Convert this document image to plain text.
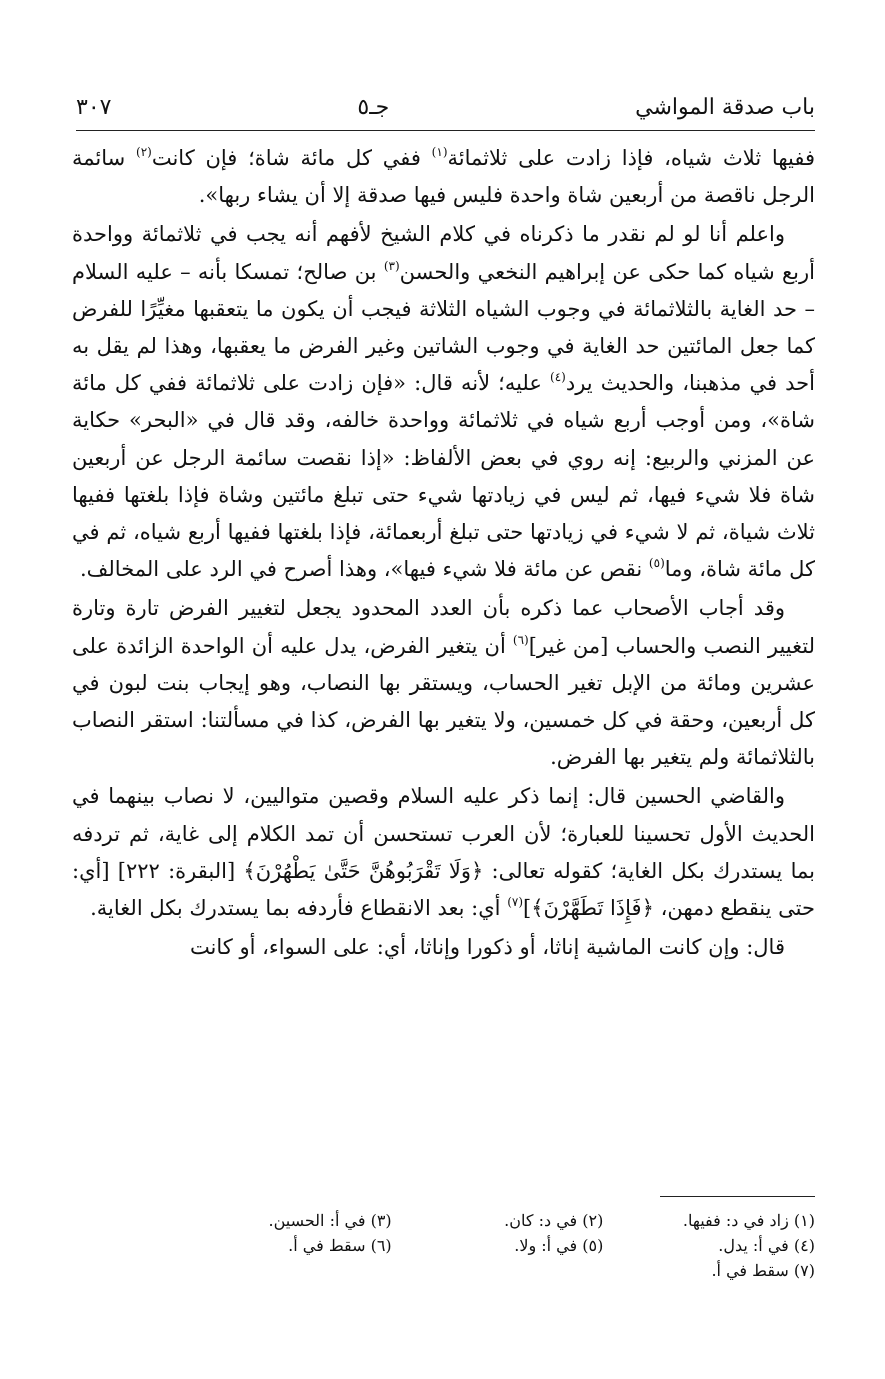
باب صدقة المواشي
جـ٥
٣٠٧

ففيها ثلاث شياه، فإذا زادت على ثلاثمائة$^{(١)}$ ففي كل مائة شاة؛ فإن كانت$^{(٢)}$ سائمة الرجل ناقصة من أربعين شاة واحدة فليس فيها صدقة إلا أن يشاء ربها».

واعلم أنا لو لم نقدر ما ذكرناه في كلام الشيخ لأفهم أنه يجب في ثلاثمائة وواحدة أربع شياه كما حكى عن إبراهيم النخعي والحسن$^{(٣)}$ بن صالح؛ تمسكا بأنه – عليه السلام – حد الغاية بالثلاثمائة في وجوب الشياه الثلاثة فيجب أن يكون ما يتعقبها مغيِّرًا للفرض كما جعل المائتين حد الغاية في وجوب الشاتين وغير الفرض ما يعقبها، وهذا لم يقل به أحد في مذهبنا، والحديث يرد$^{(٤)}$ عليه؛ لأنه قال: «فإن زادت على ثلاثمائة ففي كل مائة شاة»، ومن أوجب أربع شياه في ثلاثمائة وواحدة خالفه، وقد قال في «البحر» حكاية عن المزني والربيع: إنه روي في بعض الألفاظ: «إذا نقصت سائمة الرجل عن أربعين شاة فلا شيء فيها، ثم ليس في زيادتها شيء حتى تبلغ مائتين وشاة فإذا بلغتها ففيها ثلاث شياة، ثم لا شيء في زيادتها حتى تبلغ أربعمائة، فإذا بلغتها ففيها أربع شياه، ثم في كل مائة شاة، وما$^{(٥)}$ نقص عن مائة فلا شيء فيها»، وهذا أصرح في الرد على المخالف.

وقد أجاب الأصحاب عما ذكره بأن العدد المحدود يجعل لتغيير الفرض تارة وتارة لتغيير النصب والحساب [من غير]$^{(٦)}$ أن يتغير الفرض، يدل عليه أن الواحدة الزائدة على عشرين ومائة من الإبل تغير الحساب، ويستقر بها النصاب، وهو إيجاب بنت لبون في كل أربعين، وحقة في كل خمسين، ولا يتغير بها الفرض، كذا في مسألتنا: استقر النصاب بالثلاثمائة ولم يتغير بها الفرض.

والقاضي الحسين قال: إنما ذكر عليه السلام وقصين متواليين، لا نصاب بينهما في الحديث الأول تحسينا للعبارة؛ لأن العرب تستحسن أن تمد الكلام إلى غاية، ثم تردفه بما يستدرك بكل الغاية؛ كقوله تعالى: ﴿وَلَا تَقْرَبُوهُنَّ حَتَّىٰ يَطْهُرْنَ﴾ [البقرة: ٢٢٢] [أي: حتى ينقطع دمهن، ﴿فَإِذَا تَطَهَّرْنَ﴾]$^{(٧)}$ أي: بعد الانقطاع فأردفه بما يستدرك بكل الغاية.

قال: وإن كانت الماشية إناثا، أو ذكورا وإناثا، أي: على السواء، أو كانت

(١) زاد في د: ففيها.
(٢) في د: كان.
(٣) في أ: الحسين.
(٤) في أ: يدل.
(٥) في أ: ولا.
(٦) سقط في أ.
(٧) سقط في أ.
